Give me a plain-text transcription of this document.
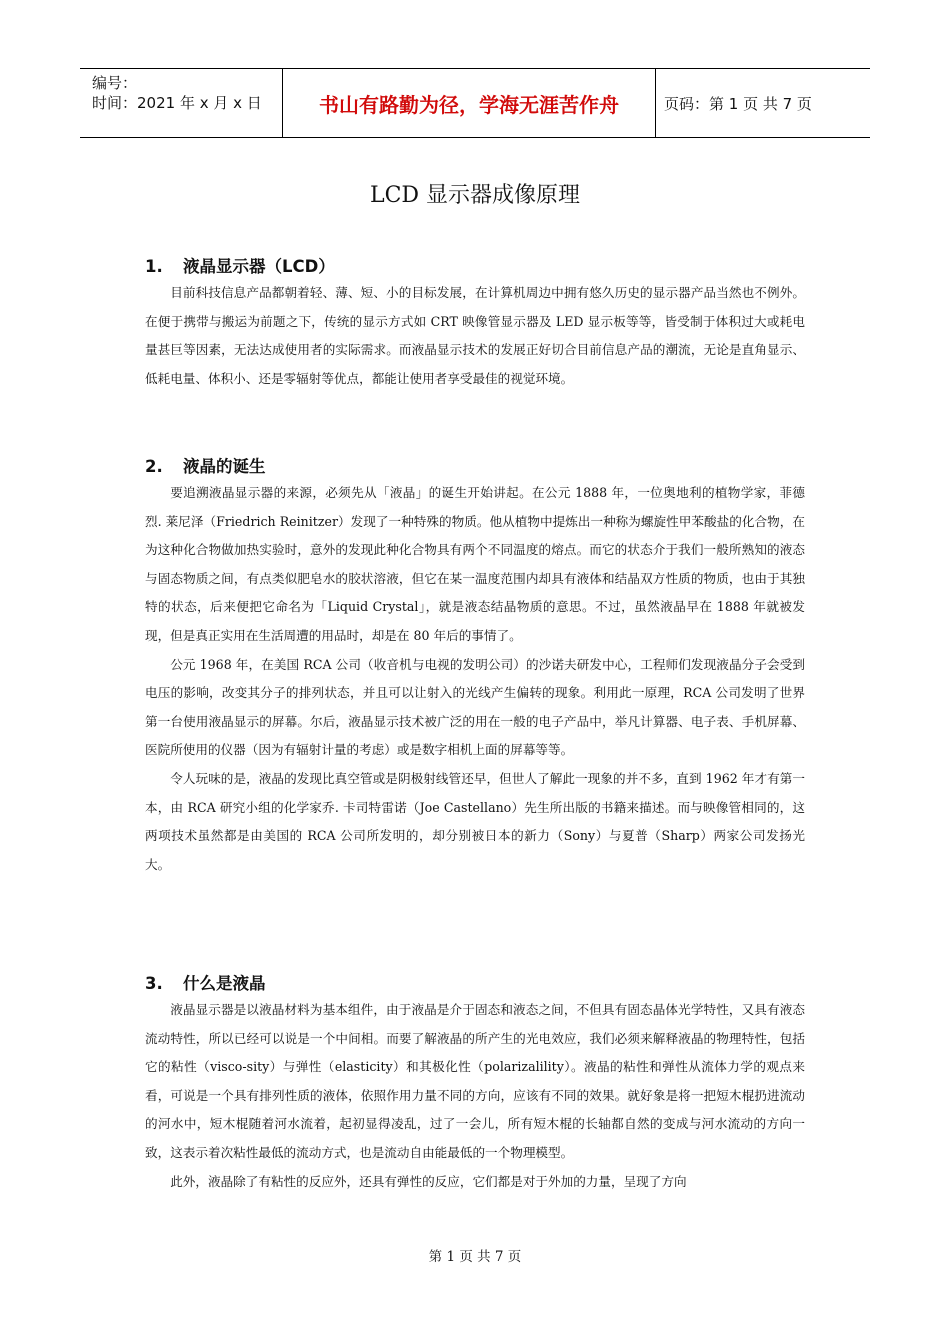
编号：
时间：2021 年 x 月 x 日	书山有路勤为径，学海无涯苦作舟	页码：第 1 页 共 7 页
LCD 显示器成像原理
1. 液晶显示器（LCD）

目前科技信息产品都朝着轻、薄、短、小的目标发展，在计算机周边中拥有悠久历史的显示器产品当然也不例外。在便于携带与搬运为前题之下，传统的显示方式如 CRT 映像管显示器及 LED 显示板等等，皆受制于体积过大或耗电量甚巨等因素，无法达成使用者的实际需求。而液晶显示技术的发展正好切合目前信息产品的潮流，无论是直角显示、低耗电量、体积小、还是零辐射等优点，都能让使用者享受最佳的视觉环境。

2. 液晶的诞生

要追溯液晶显示器的来源，必须先从「液晶」的诞生开始讲起。在公元 1888 年，一位奥地利的植物学家，菲德烈. 莱尼泽（Friedrich Reinitzer）发现了一种特殊的物质。他从植物中提炼出一种称为螺旋性甲苯酸盐的化合物，在为这种化合物做加热实验时，意外的发现此种化合物具有两个不同温度的熔点。而它的状态介于我们一般所熟知的液态与固态物质之间，有点类似肥皂水的胶状溶液，但它在某一温度范围内却具有液体和结晶双方性质的物质，也由于其独特的状态，后来便把它命名为「Liquid Crystal」，就是液态结晶物质的意思。不过，虽然液晶早在 1888 年就被发现，但是真正实用在生活周遭的用品时，却是在 80 年后的事情了。

公元 1968 年，在美国 RCA 公司（收音机与电视的发明公司）的沙诺夫研发中心，工程师们发现液晶分子会受到电压的影响，改变其分子的排列状态，并且可以让射入的光线产生偏转的现象。利用此一原理，RCA 公司发明了世界第一台使用液晶显示的屏幕。尔后，液晶显示技术被广泛的用在一般的电子产品中，举凡计算器、电子表、手机屏幕、医院所使用的仪器（因为有辐射计量的考虑）或是数字相机上面的屏幕等等。

令人玩味的是，液晶的发现比真空管或是阴极射线管还早，但世人了解此一现象的并不多，直到 1962 年才有第一本，由 RCA 研究小组的化学家乔. 卡司特雷诺（Joe Castellano）先生所出版的书籍来描述。而与映像管相同的，这两项技术虽然都是由美国的 RCA 公司所发明的，却分别被日本的新力（Sony）与夏普（Sharp）两家公司发扬光大。

3. 什么是液晶

液晶显示器是以液晶材料为基本组件，由于液晶是介于固态和液态之间，不但具有固态晶体光学特性，又具有液态流动特性，所以已经可以说是一个中间相。而要了解液晶的所产生的光电效应，我们必须来解释液晶的物理特性，包括它的粘性（visco-sity）与弹性（elasticity）和其极化性（polarizalility）。液晶的粘性和弹性从流体力学的观点来看，可说是一个具有排列性质的液体，依照作用力量不同的方向，应该有不同的效果。就好象是将一把短木棍扔进流动的河水中，短木棍随着河水流着，起初显得凌乱，过了一会儿，所有短木棍的长轴都自然的变成与河水流动的方向一致，这表示着次粘性最低的流动方式，也是流动自由能最低的一个物理模型。

此外，液晶除了有粘性的反应外，还具有弹性的反应，它们都是对于外加的力量，呈现了方向

第 1 页 共 7 页
